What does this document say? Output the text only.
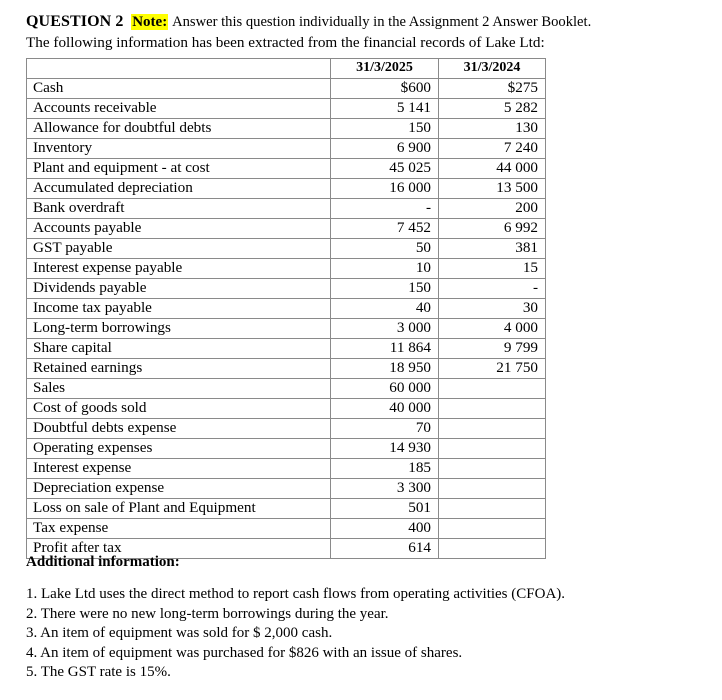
QUESTION 2 Note: Answer this question individually in the Assignment 2 Answer Booklet.
The following information has been extracted from the financial records of Lake Ltd:
	31/3/2025	31/3/2024
Cash	$600	$275
Accounts receivable	5 141	5 282
Allowance for doubtful debts	150	130
Inventory	6 900	7 240
Plant and equipment - at cost	45 025	44 000
Accumulated depreciation	16 000	13 500
Bank overdraft	-	200
Accounts payable	7 452	6 992
GST payable	50	381
Interest expense payable	10	15
Dividends payable	150	-
Income tax payable	40	30
Long-term borrowings	3 000	4 000
Share capital	11 864	9 799
Retained earnings	18 950	21 750
Sales	60 000	
Cost of goods sold	40 000	
Doubtful debts expense	70	
Operating expenses	14 930	
Interest expense	185	
Depreciation expense	3 300	
Loss on sale of Plant and Equipment	501	
Tax expense	400	
Profit after tax	614	
Additional information:
1. Lake Ltd uses the direct method to report cash flows from operating activities (CFOA).
2. There were no new long-term borrowings during the year.
3. An item of equipment was sold for $ 2,000 cash.
4. An item of equipment was purchased for $826 with an issue of shares.
5. The GST rate is 15%.
